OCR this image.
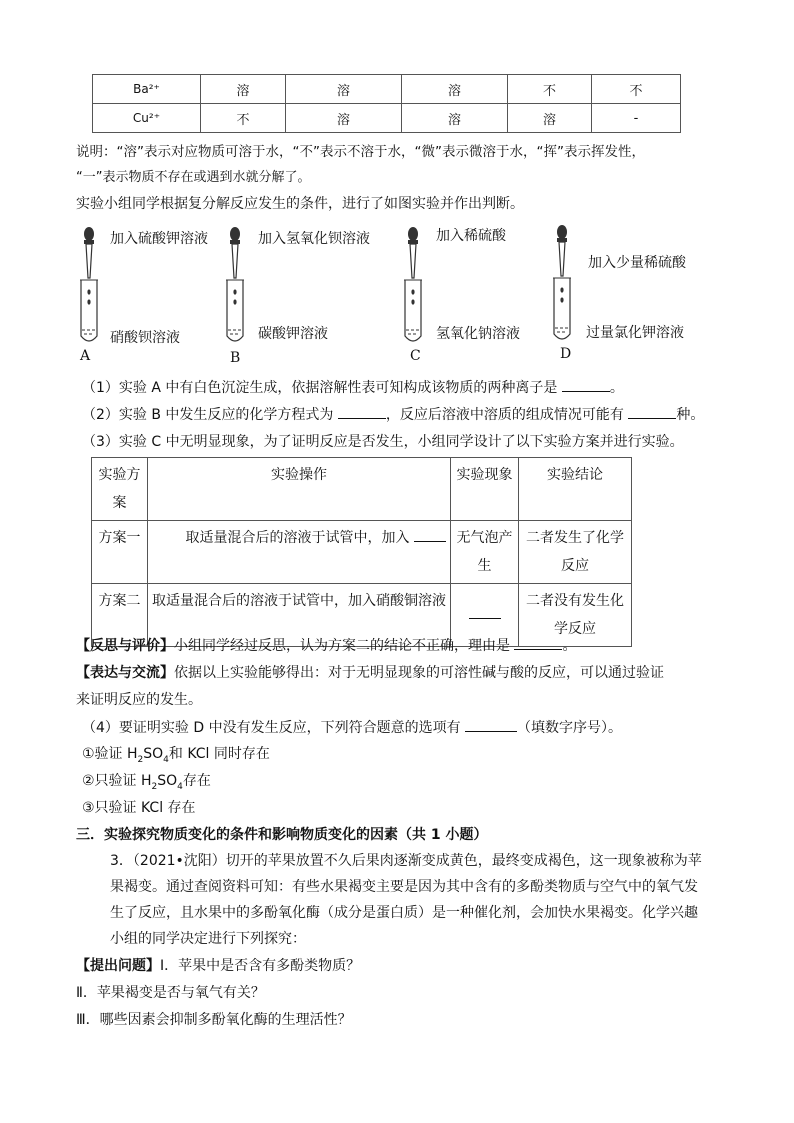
Ba²⁺	溶	溶	溶	不	不
Cu²⁺	不	溶	溶	溶	-
说明：“溶”表示对应物质可溶于水，“不”表示不溶于水，“微”表示微溶于水，“挥”表示挥发性，
“一”表示物质不存在或遇到水就分解了。
实验小组同学根据复分解反应发生的条件，进行了如图实验并作出判断。
加入硫酸钾溶液
硝酸钡溶液
A
加入氢氧化钡溶液
碳酸钾溶液
B
加入稀硫酸
氢氧化钠溶液
C
加入少量稀硫酸
过量氯化钾溶液
D
（1）实验 A 中有白色沉淀生成，依据溶解性表可知构成该物质的两种离子是	。
（2）实验 B 中发生反应的化学方程式为	，反应后溶液中溶质的组成情况可能有	种。
（3）实验 C 中无明显现象，为了证明反应是否发生，小组同学设计了以下实验方案并进行实验。
实验方案	实验操作	实验现象	实验结论
方案一	取适量混合后的溶液于试管中，加入	无气泡产生	二者发生了化学反应
方案二	取适量混合后的溶液于试管中，加入硝酸铜溶液		二者没有发生化学反应
【反思与评价】小组同学经过反思，认为方案二的结论不正确，理由是	。
【表达与交流】依据以上实验能够得出：对于无明显现象的可溶性碱与酸的反应，可以通过验证
来证明反应的发生。
（4）要证明实验 D 中没有发生反应，下列符合题意的选项有	（填数字序号）。
①验证 $H_2SO_4$和 KCl 同时存在
②只验证 $H_2SO_4$存在
③只验证 KCl 存在
三．实验探究物质变化的条件和影响物质变化的因素（共 1 小题）
3．（2021•沈阳）切开的苹果放置不久后果肉逐渐变成黄色，最终变成褐色，这一现象被称为苹果褐变。通过查阅资料可知：有些水果褐变主要是因为其中含有的多酚类物质与空气中的氧气发生了反应，且水果中的多酚氧化酶（成分是蛋白质）是一种催化剂，会加快水果褐变。化学兴趣小组的同学决定进行下列探究：
【提出问题】Ⅰ．苹果中是否含有多酚类物质？
Ⅱ．苹果褐变是否与氧气有关？
Ⅲ．哪些因素会抑制多酚氧化酶的生理活性？
